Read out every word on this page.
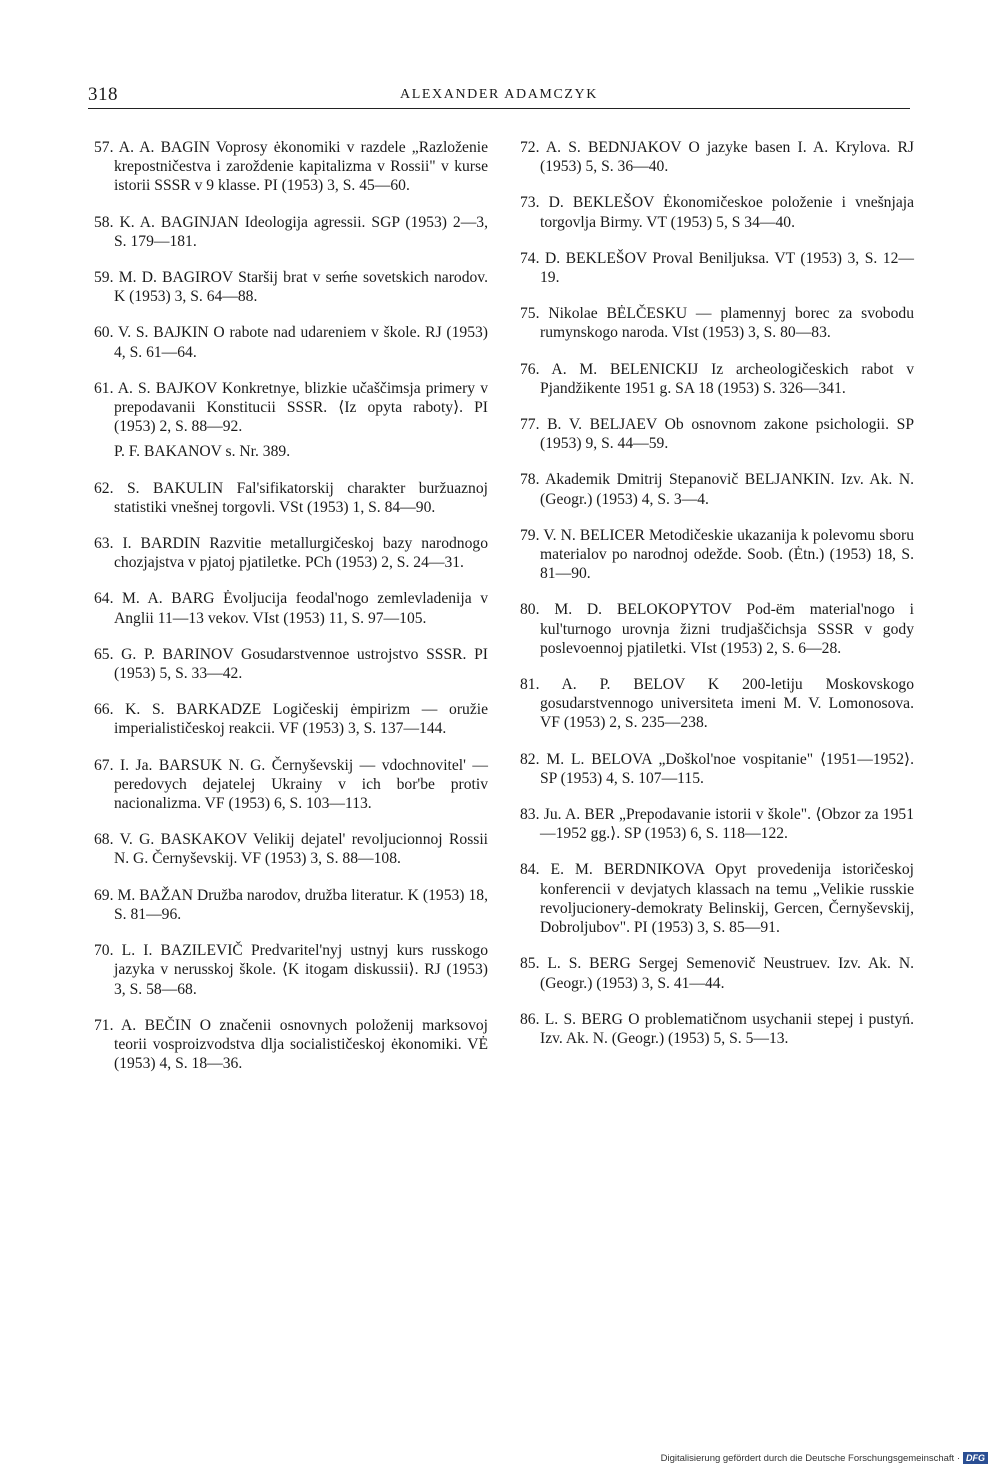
318	ALEXANDER ADAMCZYK

57. A. A. BAGIN Voprosy ėkonomiki v razdele „Razloženie krepostničestva i zaroždenie kapitalizma v Rossii" v kurse istorii SSSR v 9 klasse. PI (1953) 3, S. 45—60.

58. K. A. BAGINJAN Ideologija agressii. SGP (1953) 2—3, S. 179—181.

59. M. D. BAGIROV Staršij brat v seḿe sovetskich narodov. K (1953) 3, S. 64—88.

60. V. S. BAJKIN O rabote nad udareniem v škole. RJ (1953) 4, S. 61—64.

61. A. S. BAJKOV Konkretnye, blizkie učaščimsja primery v prepodavanii Konstitucii SSSR. ⟨Iz opyta raboty⟩. PI (1953) 2, S. 88—92.

P. F. BAKANOV s. Nr. 389.

62. S. BAKULIN Fal'sifikatorskij charakter buržuaznoj statistiki vnešnej torgovli. VSt (1953) 1, S. 84—90.

63. I. BARDIN Razvitie metallurgičeskoj bazy narodnogo chozjajstva v pjatoj pjatiletke. PCh (1953) 2, S. 24—31.

64. M. A. BARG Ėvoljucija feodal'nogo zemlevladenija v Anglii 11—13 vekov. VIst (1953) 11, S. 97—105.

65. G. P. BARINOV Gosudarstvennoe ustrojstvo SSSR. PI (1953) 5, S. 33—42.

66. K. S. BARKADZE Logičeskij ėmpirizm — oružie imperialističeskoj reakcii. VF (1953) 3, S. 137—144.

67. I. Ja. BARSUK N. G. Černyševskij — vdochnovitel' — peredovych dejatelej Ukrainy v ich bor'be protiv nacionalizma. VF (1953) 6, S. 103—113.

68. V. G. BASKAKOV Velikij dejatel' revoljucionnoj Rossii N. G. Černyševskij. VF (1953) 3, S. 88—108.

69. M. BAŽAN Družba narodov, družba literatur. K (1953) 18, S. 81—96.

70. L. I. BAZILEVIČ Predvaritel'nyj ustnyj kurs russkogo jazyka v nerusskoj škole. ⟨K itogam diskussii⟩. RJ (1953) 3, S. 58—68.

71. A. BEČIN O značenii osnovnych položenij marksovoj teorii vosproizvodstva dlja socialističeskoj ėkonomiki. VĖ (1953) 4, S. 18—36.

72. A. S. BEDNJAKOV O jazyke basen I. A. Krylova. RJ (1953) 5, S. 36—40.

73. D. BEKLEŠOV Ėkonomičeskoe položenie i vnešnjaja torgovlja Birmy. VT (1953) 5, S 34—40.

74. D. BEKLEŠOV Proval Beniljuksa. VT (1953) 3, S. 12—19.

75. Nikolae BĖLČESKU — plamennyj borec za svobodu rumynskogo naroda. VIst (1953) 3, S. 80—83.

76. A. M. BELENICKIJ Iz archeologičeskich rabot v Pjandžikente 1951 g. SA 18 (1953) S. 326—341.

77. B. V. BELJAEV Ob osnovnom zakone psichologii. SP (1953) 9, S. 44—59.

78. Akademik Dmitrij Stepanovič BELJANKIN. Izv. Ak. N. (Geogr.) (1953) 4, S. 3—4.

79. V. N. BELICER Metodičeskie ukazanija k polevomu sboru materialov po narodnoj odežde. Soob. (Ėtn.) (1953) 18, S. 81—90.

80. M. D. BELOKOPYTOV Pod-ëm material'nogo i kul'turnogo urovnja žizni trudjaščichsja SSSR v gody poslevoennoj pjatiletki. VIst (1953) 2, S. 6—28.

81. A. P. BELOV K 200-letiju Moskovskogo gosudarstvennogo universiteta imeni M. V. Lomonosova. VF (1953) 2, S. 235—238.

82. M. L. BELOVA „Doškol'noe vospitanie" ⟨1951—1952⟩. SP (1953) 4, S. 107—115.

83. Ju. A. BER „Prepodavanie istorii v škole". ⟨Obzor za 1951—1952 gg.⟩. SP (1953) 6, S. 118—122.

84. E. M. BERDNIKOVA Opyt provedenija istoričeskoj konferencii v devjatych klassach na temu „Velikie russkie revoljucionery-demokraty Belinskij, Gercen, Černyševskij, Dobroljubov". PI (1953) 3, S. 85—91.

85. L. S. BERG Sergej Semenovič Neustruev. Izv. Ak. N. (Geogr.) (1953) 3, S. 41—44.

86. L. S. BERG O problematičnom usychanii stepej i pustyń. Izv. Ak. N. (Geogr.) (1953) 5, S. 5—13.

Digitalisierung gefördert durch die Deutsche Forschungsgemeinschaft · DFG
